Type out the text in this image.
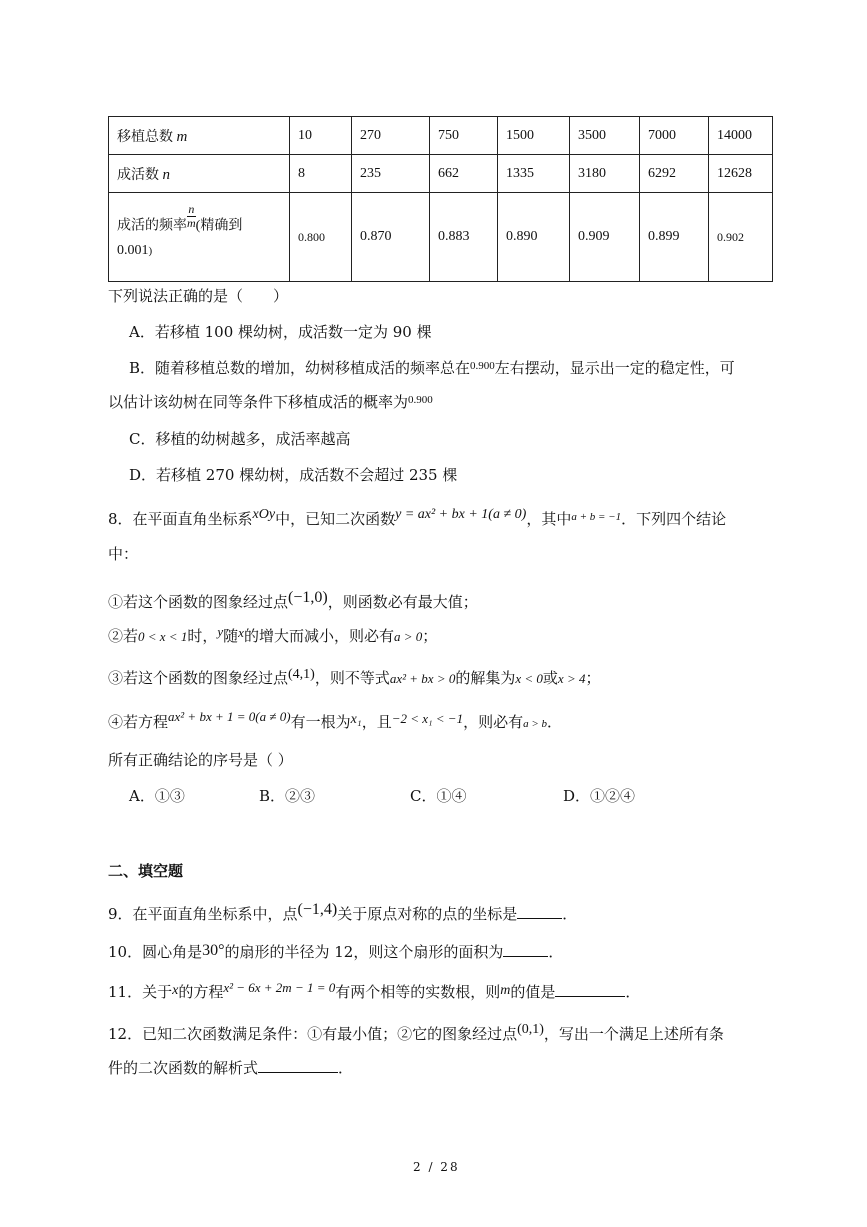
移植总数 m	10	270	750	1500	3500	7000	14000
成活数 n	8	235	662	1335	3180	6292	12628
成活的频率 $\frac{n}{m}$ (精确到
0.001)	0.800	0.870	0.883	0.890	0.909	0.899	0.902
下列说法正确的是（　　）
A．若移植 100 棵幼树，成活数一定为 90 棵
B．随着移植总数的增加，幼树移植成活的频率总在$^{0.900}$左右摆动，显示出一定的稳定性，可
以估计该幼树在同等条件下移植成活的概率为$^{0.900}$
C．移植的幼树越多，成活率越高
D．若移植 270 棵幼树，成活数不会超过 235 棵
8．在平面直角坐标系xOy中，已知二次函数y = ax² + bx + 1(a ≠ 0)，其中$^{a + b = -1}$．下列四个结论
中：
①若这个函数的图象经过点(−1,0)，则函数必有最大值；
②若0 < x < 1时，y随x的增大而减小，则必有a > 0；
③若这个函数的图象经过点(4,1)，则不等式ax² + bx > 0的解集为x < 0或x > 4；
④若方程ax² + bx + 1 = 0(a ≠ 0)有一根为x₁，且−2 < x₁ < −1，则必有a > b．
所有正确结论的序号是（ ）
A．①③	B．②③	C．①④	D．①②④
二、填空题
9．在平面直角坐标系中，点(−1,4)关于原点对称的点的坐标是	．
10．圆心角是30°的扇形的半径为 12，则这个扇形的面积为	．
11．关于x的方程x² − 6x + 2m − 1 = 0有两个相等的实数根，则m的值是	．
12．已知二次函数满足条件：①有最小值；②它的图象经过点(0,1)，写出一个满足上述所有条
件的二次函数的解析式	．
2 / 28
